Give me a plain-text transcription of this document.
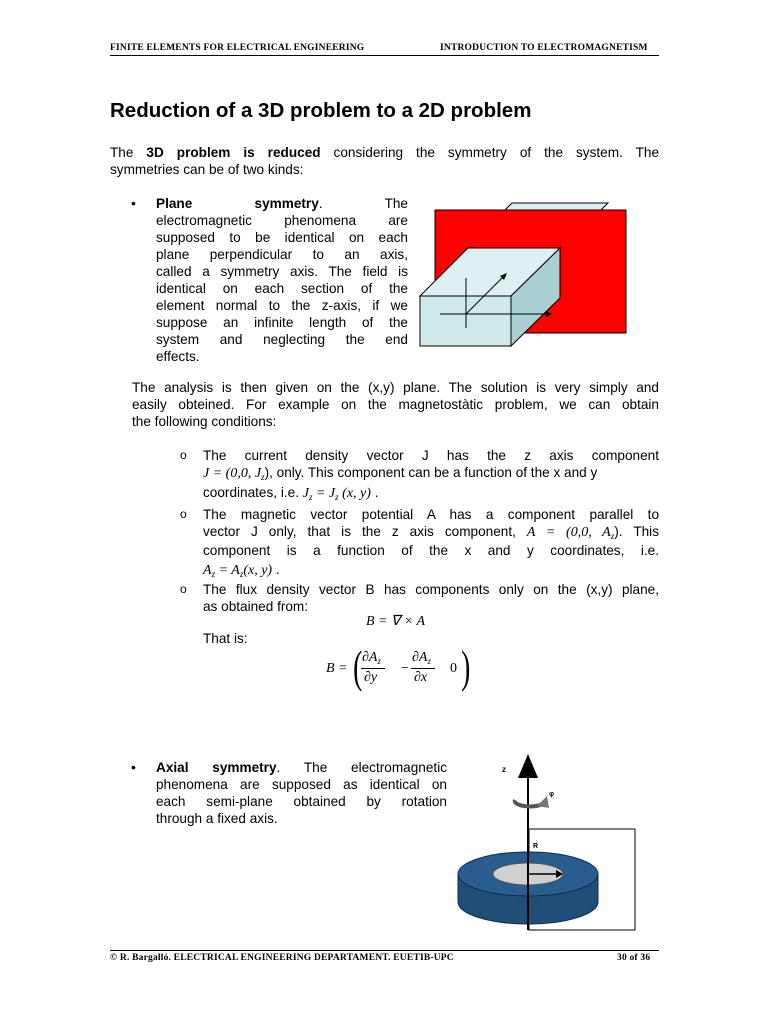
FINITE ELEMENTS FOR ELECTRICAL ENGINEERING	INTRODUCTION TO ELECTROMAGNETISM
Reduction of a 3D problem to a 2D problem
The 3D problem is reduced considering the symmetry of the system. The
symmetries can be of two kinds:
• Plane symmetry. The
electromagnetic phenomena are
supposed to be identical on each
plane perpendicular to an axis,
called a symmetry axis. The field is
identical on each section of the
element normal to the z-axis, if we
suppose an infinite length of the
system and neglecting the end
effects.
The analysis is then given on the (x,y) plane. The solution is very simply and
easily obteined. For example on the magnetostàtic problem, we can obtain
the following conditions:
o The current density vector J has the z axis component
J = (0,0, $J_z$), only. This component can be a function of the x and y
coordinates, i.e. $J_z = J_z$ (x, y) .
o The magnetic vector potential A has a component parallel to
vector J only, that is the z axis component, A = (0,0, $A_z$). This
component is a function of the x and y coordinates, i.e.
$A_z = A_z(x$, y) .
o The flux density vector B has components only on the (x,y) plane,
as obtained from:
B = ∇ × A
That is:
B = ( $\partial A_z$
∂y
−
$\partial A_z$
∂x
0 )
• Axial symmetry. The electromagnetic
phenomena are supposed as identical on
each semi-plane obtained by rotation
through a fixed axis.
z
φ
R
© R. Bargalló. ELECTRICAL ENGINEERING DEPARTAMENT. EUETIB-UPC	30 of 36
